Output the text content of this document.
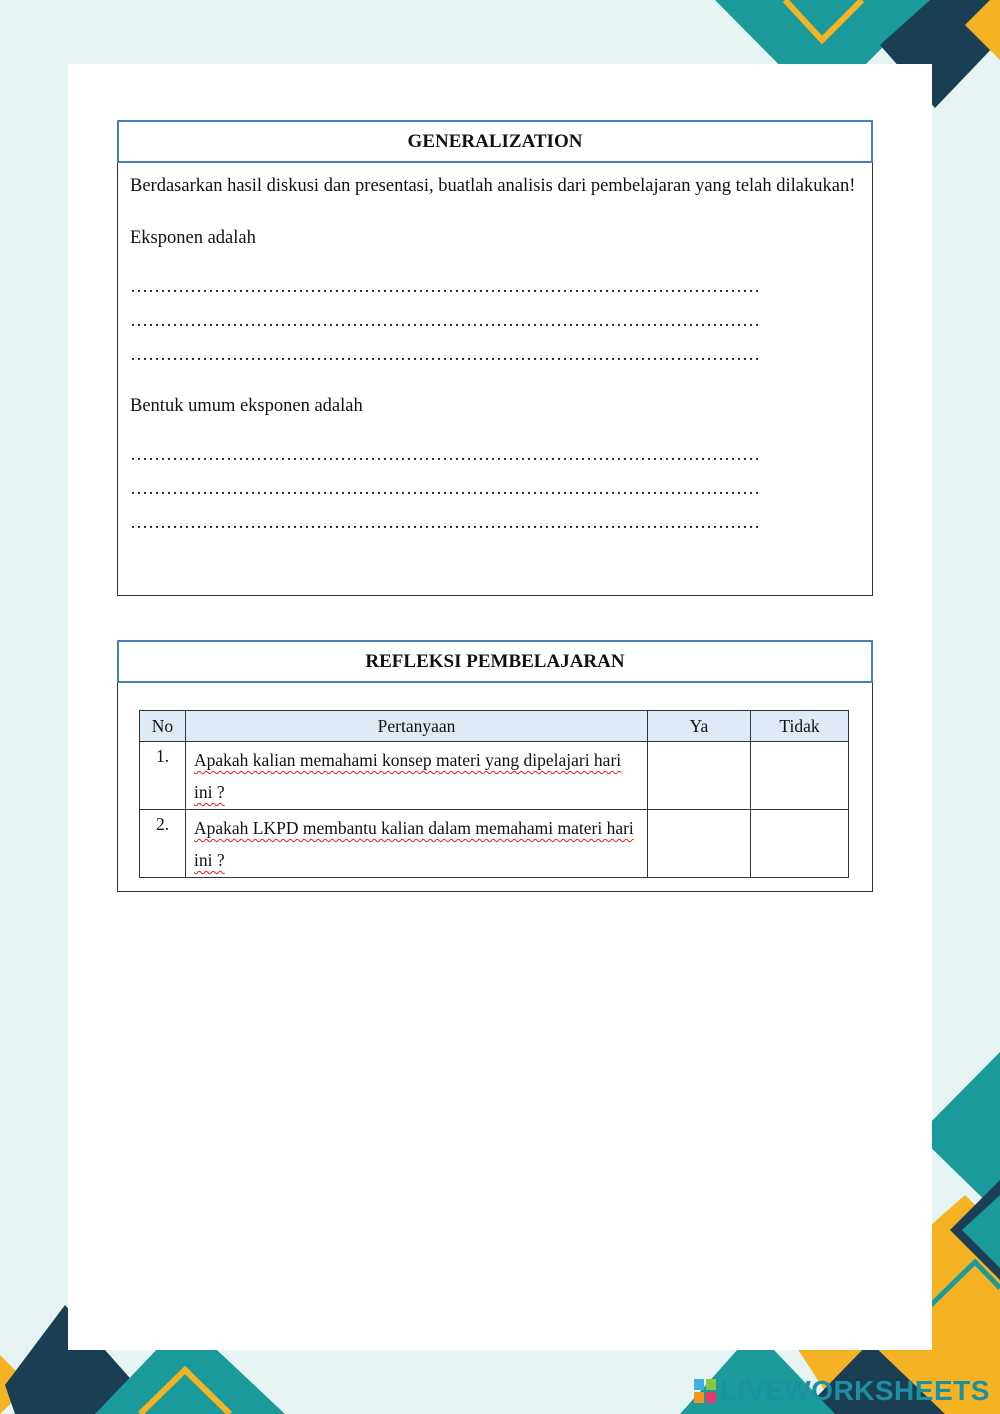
GENERALIZATION

Berdasarkan hasil diskusi dan presentasi, buatlah analisis dari pembelajaran yang telah dilakukan!

Eksponen adalah

……………………………………………………………………………………………
……………………………………………………………………………………………
……………………………………………………………………………………………

Bentuk umum eksponen adalah

……………………………………………………………………………………………
……………………………………………………………………………………………
……………………………………………………………………………………………
REFLEKSI PEMBELAJARAN
No	Pertanyaan	Ya	Tidak
1.	Apakah kalian memahami konsep materi yang dipelajari hari ini ?		
2.	Apakah LKPD membantu kalian dalam memahami materi hari ini ?		
LIVEWORKSHEETS
